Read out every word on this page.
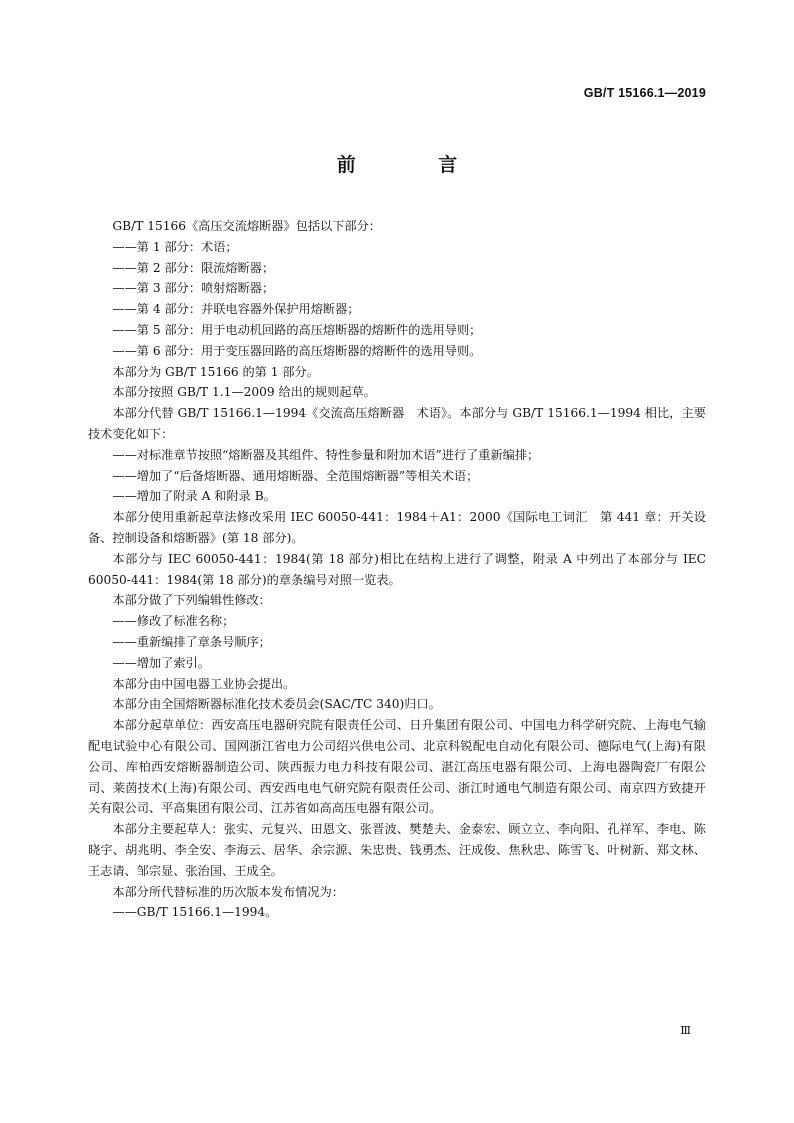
GB/T 15166.1—2019
前 言

GB/T 15166《高压交流熔断器》包括以下部分：

——第 1 部分：术语；

——第 2 部分：限流熔断器；

——第 3 部分：喷射熔断器；

——第 4 部分：并联电容器外保护用熔断器；

——第 5 部分：用于电动机回路的高压熔断器的熔断件的选用导则；

——第 6 部分：用于变压器回路的高压熔断器的熔断件的选用导则。

本部分为 GB/T 15166 的第 1 部分。

本部分按照 GB/T 1.1—2009 给出的规则起草。

本部分代替 GB/T 15166.1—1994《交流高压熔断器　术语》。本部分与 GB/T 15166.1—1994 相比，主要技术变化如下：

——对标准章节按照“熔断器及其组件、特性参量和附加术语”进行了重新编排；

——增加了“后备熔断器、通用熔断器、全范围熔断器”等相关术语；

——增加了附录 A 和附录 B。

本部分使用重新起草法修改采用 IEC 60050-441：1984＋A1：2000《国际电工词汇　第 441 章：开关设备、控制设备和熔断器》(第 18 部分)。

本部分与 IEC 60050-441：1984(第 18 部分)相比在结构上进行了调整，附录 A 中列出了本部分与 IEC 60050-441：1984(第 18 部分)的章条编号对照一览表。

本部分做了下列编辑性修改：

——修改了标准名称；

——重新编排了章条号顺序；

——增加了索引。

本部分由中国电器工业协会提出。

本部分由全国熔断器标准化技术委员会(SAC/TC 340)归口。

本部分起草单位：西安高压电器研究院有限责任公司、日升集团有限公司、中国电力科学研究院、上海电气输配电试验中心有限公司、国网浙江省电力公司绍兴供电公司、北京科锐配电自动化有限公司、德际电气(上海)有限公司、库柏西安熔断器制造公司、陕西振力电力科技有限公司、湛江高压电器有限公司、上海电器陶瓷厂有限公司、莱茵技术(上海)有限公司、西安西电电气研究院有限责任公司、浙江时通电气制造有限公司、南京四方致捷开关有限公司、平高集团有限公司、江苏省如高高压电器有限公司。

本部分主要起草人：张实、元复兴、田恩文、张晋波、樊楚夫、金泰宏、顾立立、李向阳、孔祥军、李电、陈晓宇、胡兆明、李全安、李海云、居华、余宗源、朱忠贵、钱勇杰、汪成俊、焦秋忠、陈雪飞、叶树新、郑文林、王志请、邹宗显、张治国、王成全。

本部分所代替标准的历次版本发布情况为：

——GB/T 15166.1—1994。

Ⅲ
